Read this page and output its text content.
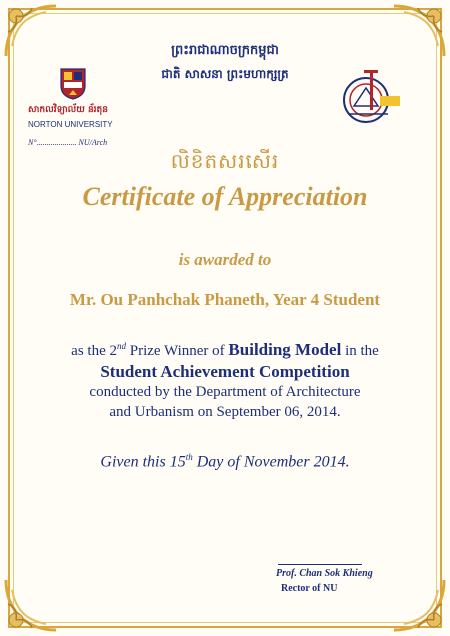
ព្រះរាជាណាចក្រកម្ពុជា
ជាតិ សាសនា ព្រះមហាក្សត្រ
សាកលវិទ្យាល័យ ន័រតុន
NORTON UNIVERSITY
N°.................... NU/Arch
លិខិតសរសើរ
Certificate of Appreciation
is awarded to
Mr. Ou Panhchak Phaneth, Year 4 Student
as the 2nd Prize Winner of Building Model in the
Student Achievement Competition
conducted by the Department of Architecture
and Urbanism on September 06, 2014.
Given this 15th Day of November 2014.
Prof. Chan Sok Khieng
Rector of NU
